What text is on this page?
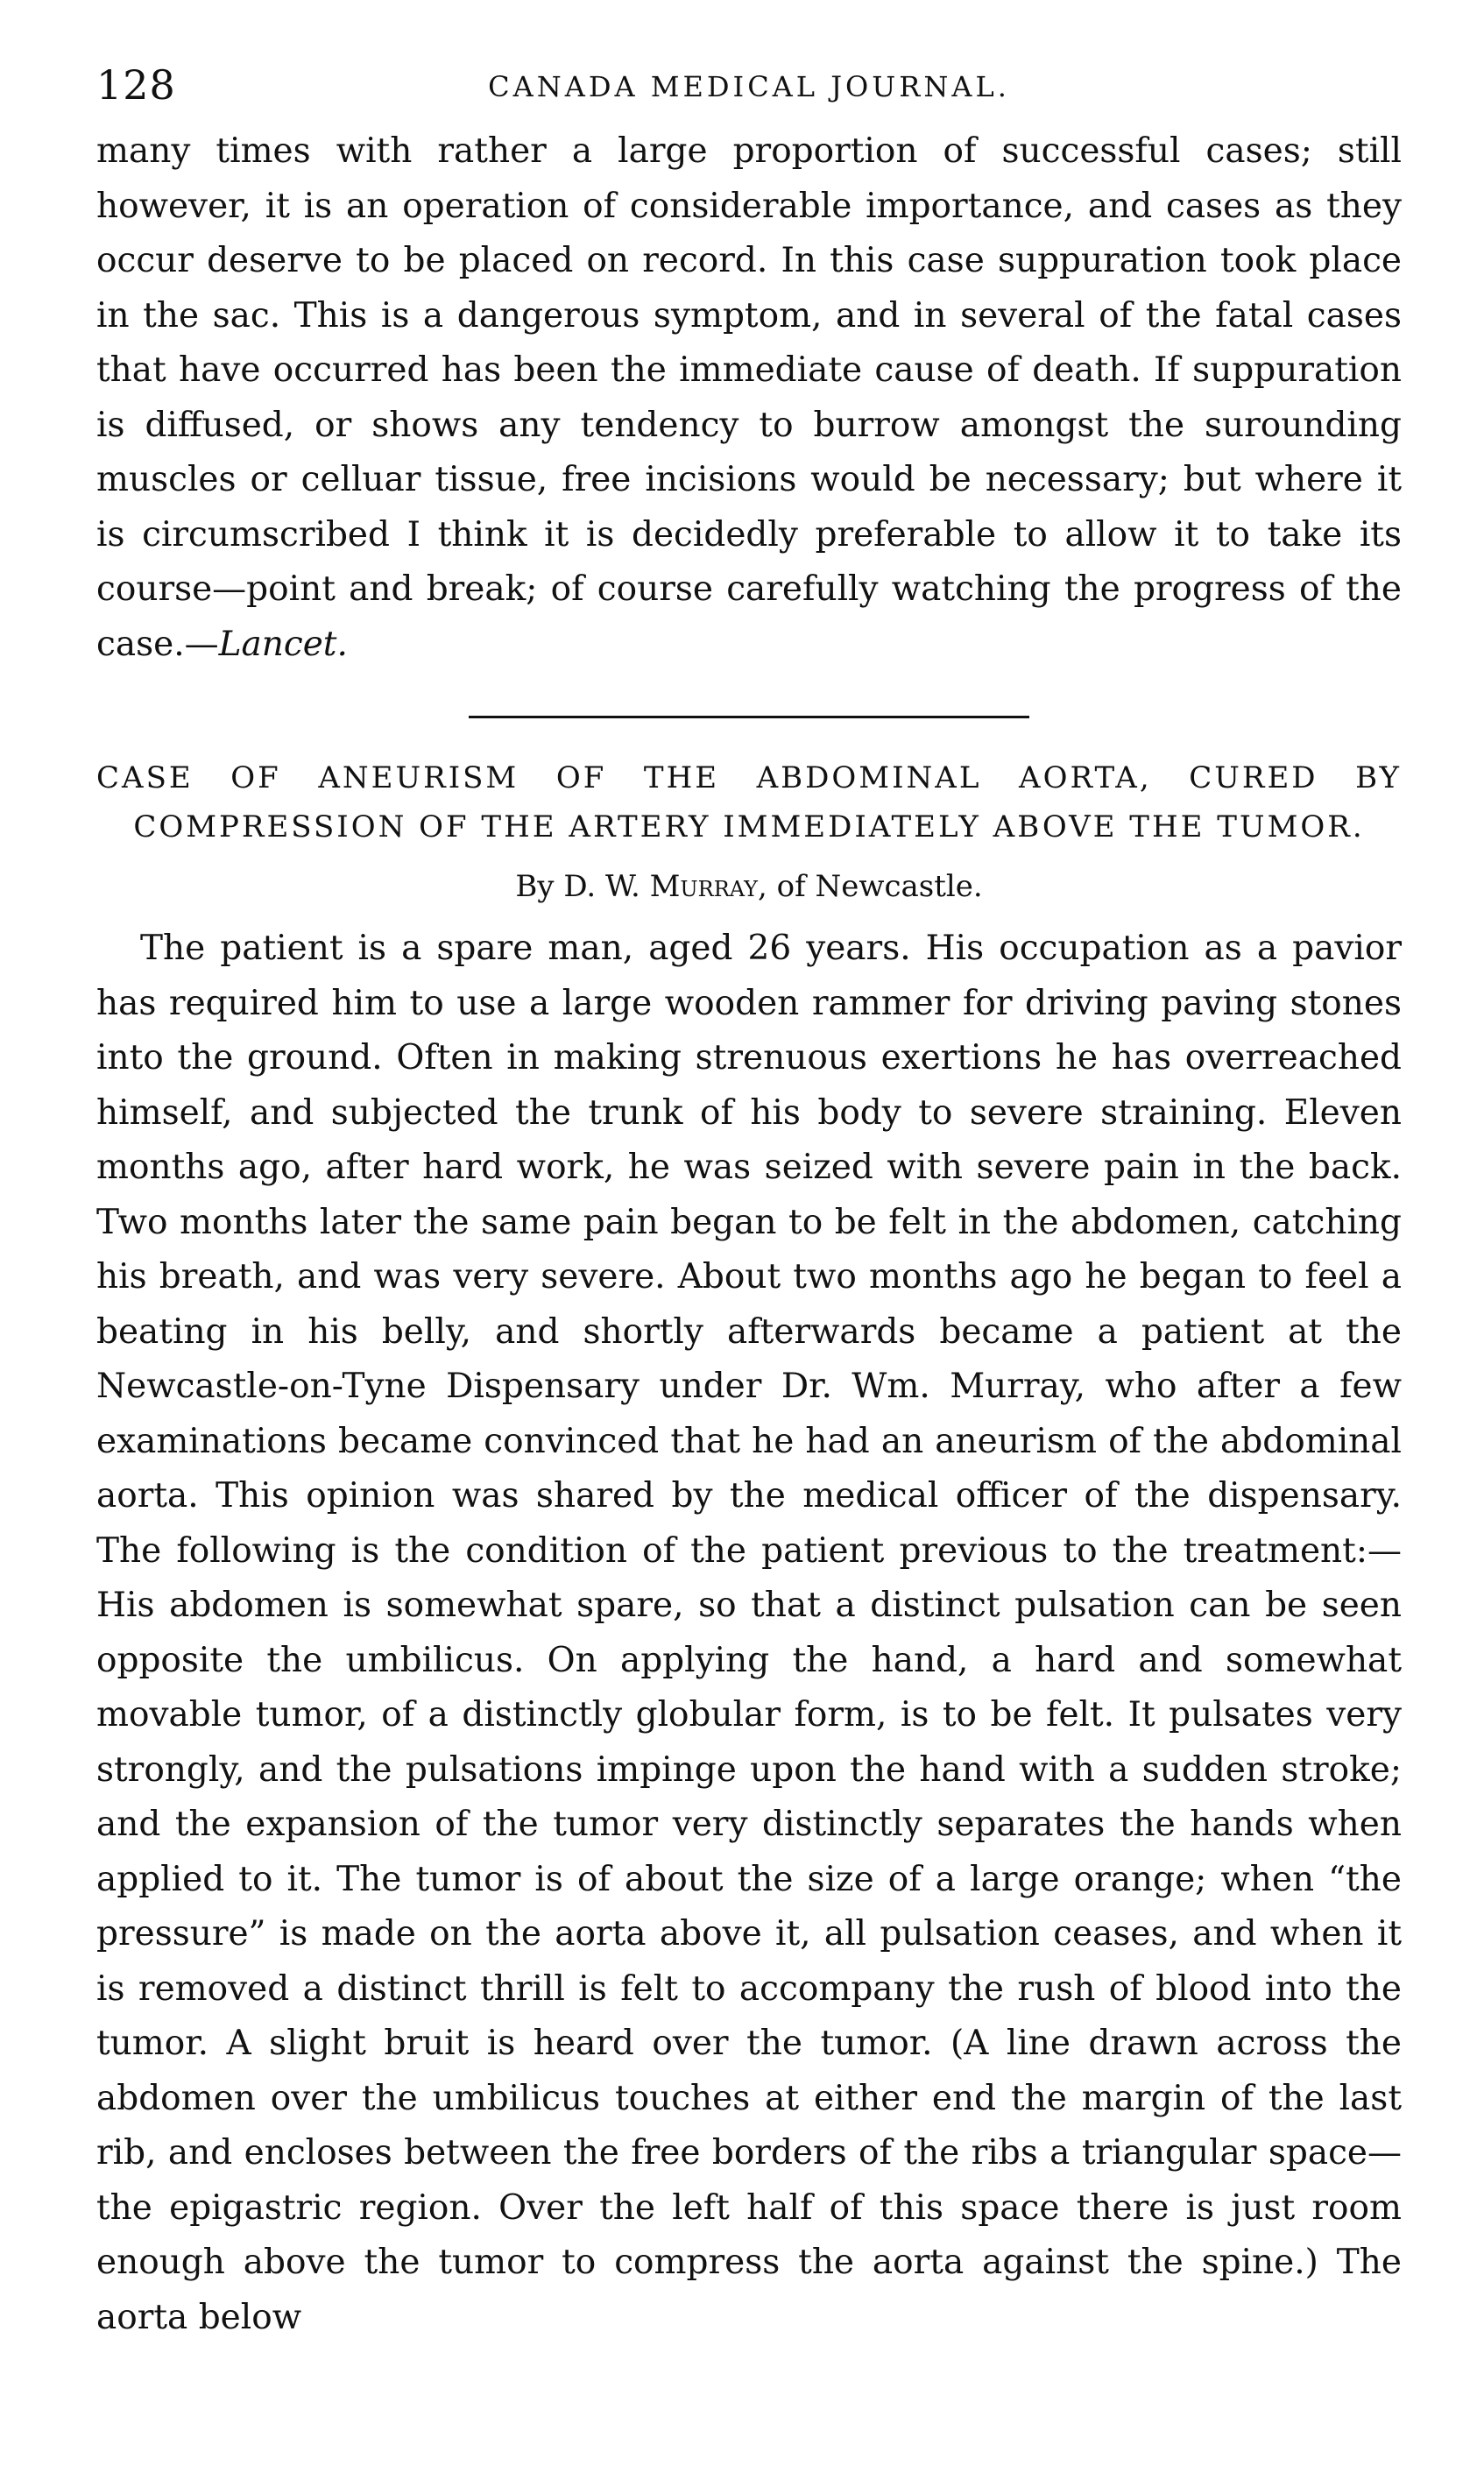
128	CANADA MEDICAL JOURNAL.

many times with rather a large proportion of successful cases; still however, it is an operation of considerable importance, and cases as they occur deserve to be placed on record. In this case suppuration took place in the sac. This is a dangerous symptom, and in several of the fatal cases that have occurred has been the immediate cause of death. If suppuration is diffused, or shows any tendency to burrow amongst the surounding muscles or celluar tissue, free incisions would be necessary; but where it is circumscribed I think it is decidedly preferable to allow it to take its course—point and break; of course carefully watching the progress of the case.—Lancet.

CASE OF ANEURISM OF THE ABDOMINAL AORTA, CURED BY COMPRESSION OF THE ARTERY IMMEDIATELY ABOVE THE TUMOR.

By D. W. Murray, of Newcastle.

The patient is a spare man, aged 26 years. His occupation as a pavior has required him to use a large wooden rammer for driving paving stones into the ground. Often in making strenuous exertions he has overreached himself, and subjected the trunk of his body to severe straining. Eleven months ago, after hard work, he was seized with severe pain in the back. Two months later the same pain began to be felt in the abdomen, catching his breath, and was very severe. About two months ago he began to feel a beating in his belly, and shortly afterwards became a patient at the Newcastle-on-Tyne Dispensary under Dr. Wm. Murray, who after a few examinations became convinced that he had an aneurism of the abdominal aorta. This opinion was shared by the medical officer of the dispensary. The following is the condition of the patient previous to the treatment:—His abdomen is somewhat spare, so that a distinct pulsation can be seen opposite the umbilicus. On applying the hand, a hard and somewhat movable tumor, of a distinctly globular form, is to be felt. It pulsates very strongly, and the pulsations impinge upon the hand with a sudden stroke; and the expansion of the tumor very distinctly separates the hands when applied to it. The tumor is of about the size of a large orange; when “the pressure” is made on the aorta above it, all pulsation ceases, and when it is removed a distinct thrill is felt to accompany the rush of blood into the tumor. A slight bruit is heard over the tumor. (A line drawn across the abdomen over the umbilicus touches at either end the margin of the last rib, and encloses between the free borders of the ribs a triangular space—the epigastric region. Over the left half of this space there is just room enough above the tumor to compress the aorta against the spine.) The aorta below
